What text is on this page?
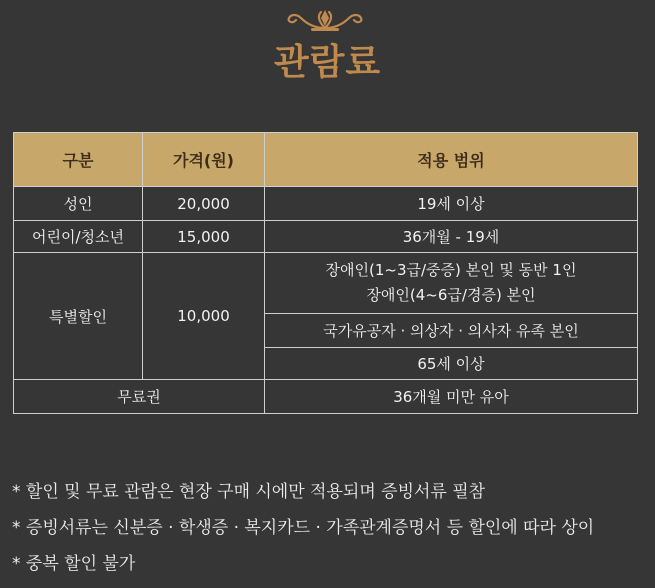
관람료
구분	가격(원)	적용 범위
성인	20,000	19세 이상
어린이/청소년	15,000	36개월 - 19세
특별할인	10,000	장애인(1~3급/중증) 본인 및 동반 1인
장애인(4~6급/경증) 본인

		국가유공자 · 의상자 · 의사자 유족 본인
		65세 이상
무료권		36개월 미만 유아
* 할인 및 무료 관람은 현장 구매 시에만 적용되며 증빙서류 필참
* 증빙서류는 신분증 · 학생증 · 복지카드 · 가족관계증명서 등 할인에 따라 상이
* 중복 할인 불가
